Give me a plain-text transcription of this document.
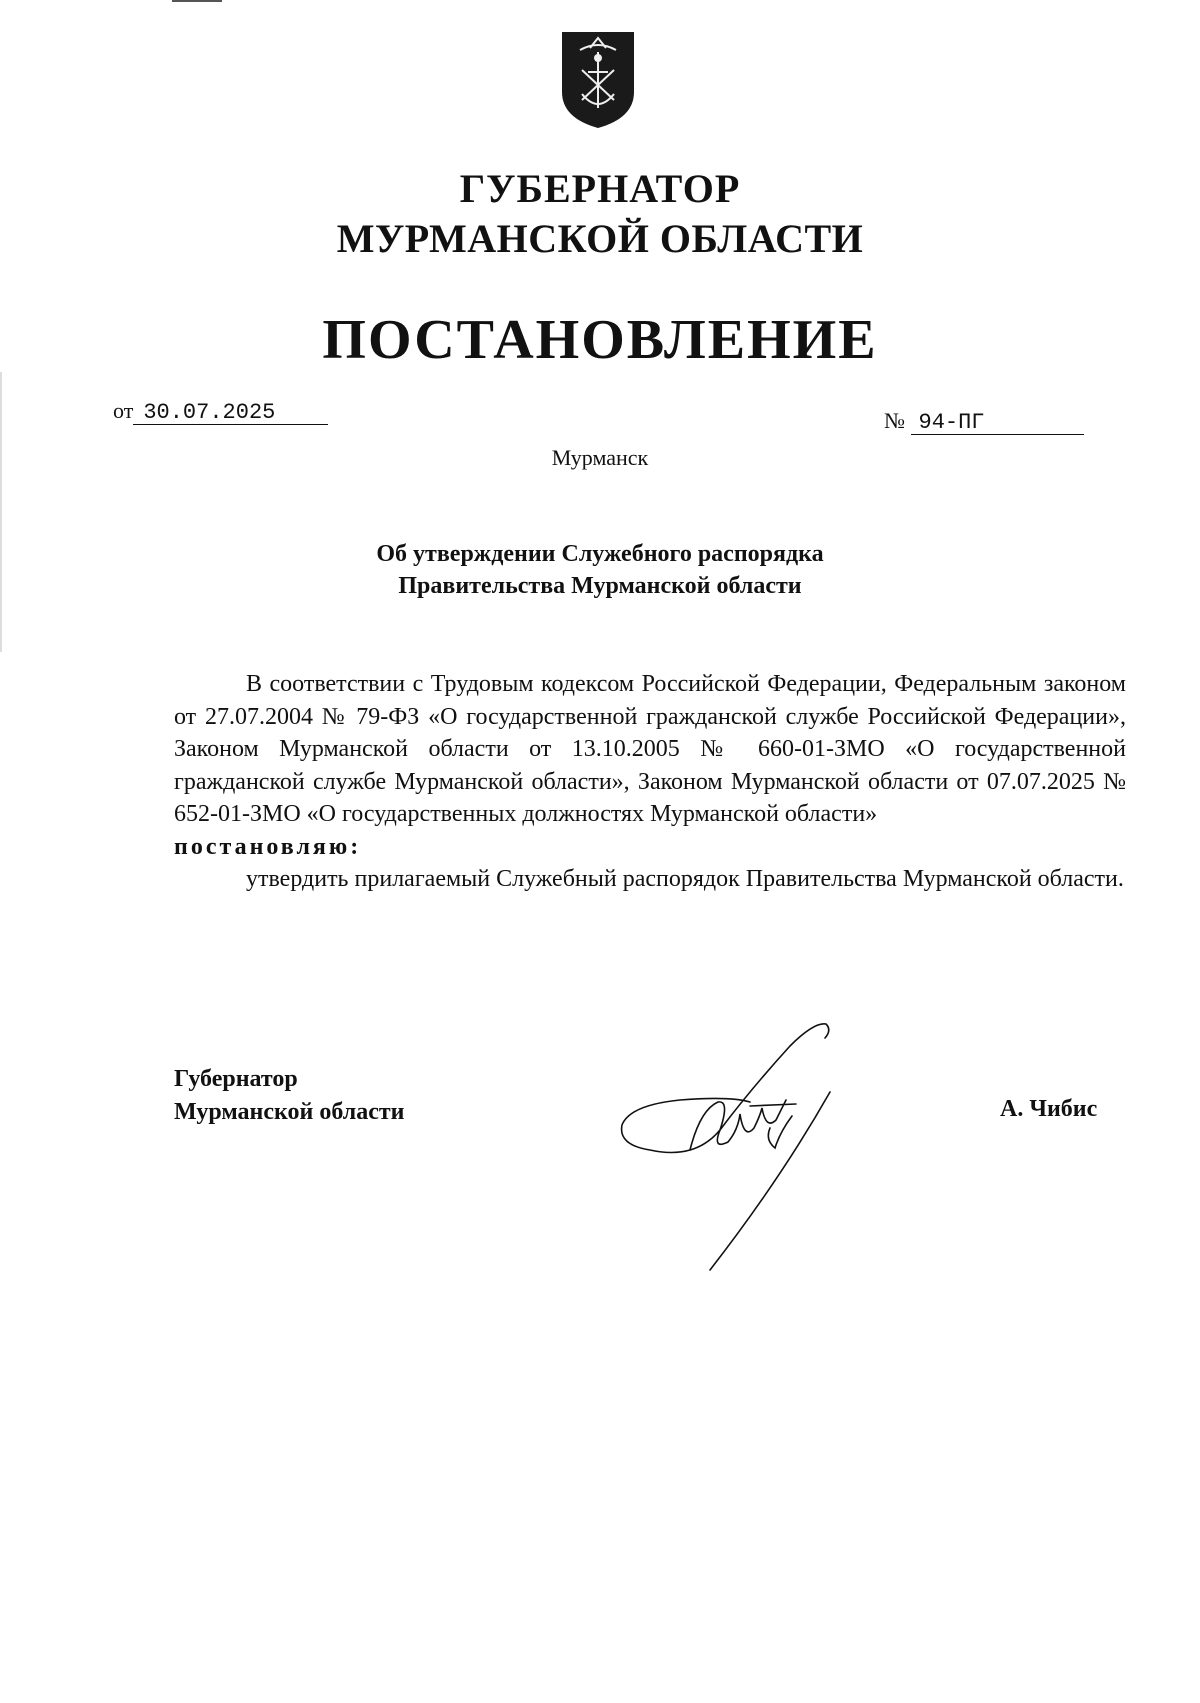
ГУБЕРНАТОР
МУРМАНСКОЙ ОБЛАСТИ
ПОСТАНОВЛЕНИЕ
от 30.07.2025	№ 94-ПГ
Мурманск
Об утверждении Служебного распорядка
Правительства Мурманской области

В соответствии с Трудовым кодексом Российской Федерации, Федеральным законом от 27.07.2004 № 79-ФЗ «О государственной гражданской службе Российской Федерации», Законом Мурманской области от 13.10.2005 № 660-01-ЗМО «О государственной гражданской службе Мурманской области», Законом Мурманской области от 07.07.2025 № 652-01-ЗМО «О государственных должностях Мурманской области»

постановляю:

утвердить прилагаемый Служебный распорядок Правительства Мурманской области.

Губернатор
Мурманской области	А. Чибис
